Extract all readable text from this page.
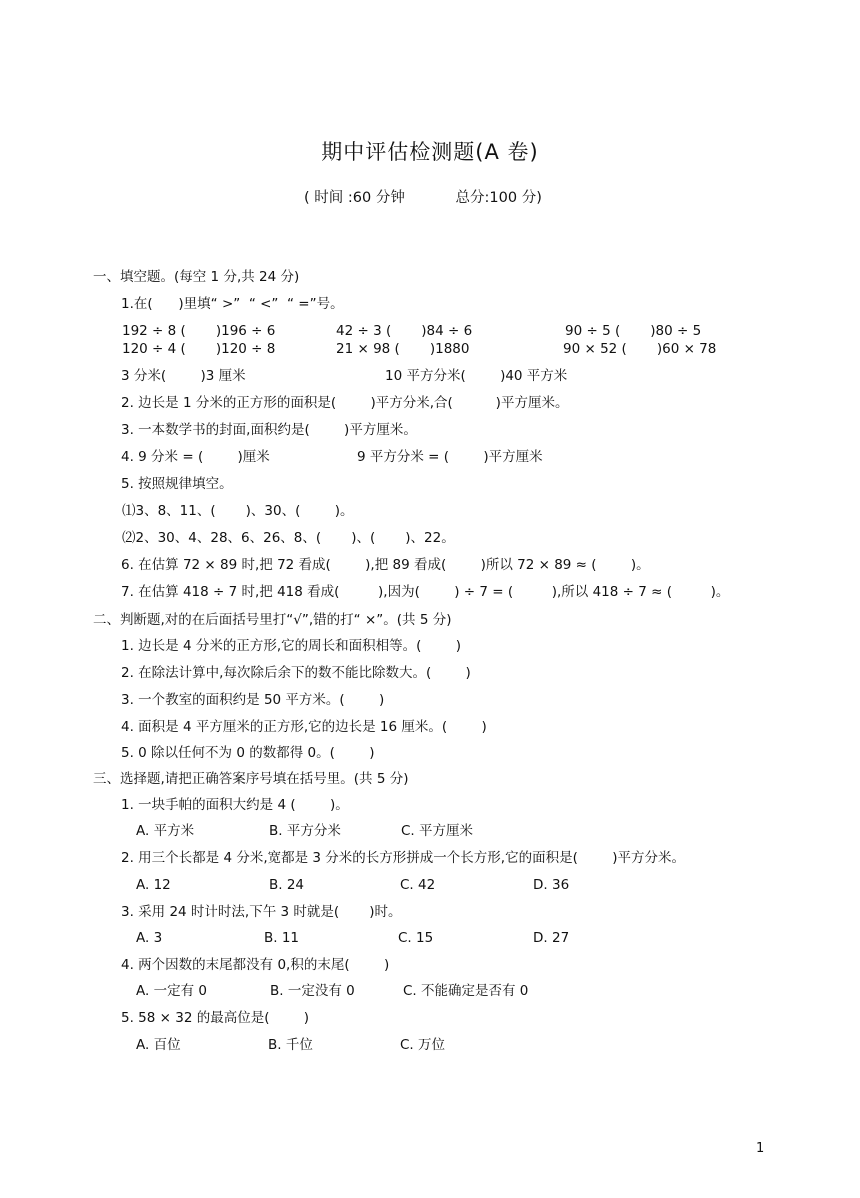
期中评估检测题(A 卷)
( 时间 :60 分钟           总分:100 分)
一、填空题。(每空 1 分,共 24 分)
1.在(      )里填“ >”  “ <”  “ =”号。
192 ÷ 8 (       )196 ÷ 6	42 ÷ 3 (       )84 ÷ 6	90 ÷ 5 (       )80 ÷ 5
120 ÷ 4 (       )120 ÷ 8	21 × 98 (       )1880	90 × 52 (       )60 × 78
3 分米(        )3 厘米	10 平方分米(        )40 平方米
2. 边长是 1 分米的正方形的面积是(        )平方分米,合(          )平方厘米。
3. 一本数学书的封面,面积约是(        )平方厘米。
4. 9 分米 = (        )厘米	9 平方分米 = (        )平方厘米
5. 按照规律填空。
⑴3、8、11、(       )、30、(        )。
⑵2、30、4、28、6、26、8、(       )、(       )、22。
6. 在估算 72 × 89 时,把 72 看成(        ),把 89 看成(        )所以 72 × 89 ≈ (        )。
7. 在估算 418 ÷ 7 时,把 418 看成(         ),因为(        ) ÷ 7 = (         ),所以 418 ÷ 7 ≈ (         )。
二、判断题,对的在后面括号里打“√”,错的打“ ×”。(共 5 分)
1. 边长是 4 分米的正方形,它的周长和面积相等。(        )
2. 在除法计算中,每次除后余下的数不能比除数大。(        )
3. 一个教室的面积约是 50 平方米。(        )
4. 面积是 4 平方厘米的正方形,它的边长是 16 厘米。(        )
5. 0 除以任何不为 0 的数都得 0。(        )
三、选择题,请把正确答案序号填在括号里。(共 5 分)
1. 一块手帕的面积大约是 4 (        )。
A. 平方米	B. 平方分米	C. 平方厘米
2. 用三个长都是 4 分米,宽都是 3 分米的长方形拼成一个长方形,它的面积是(        )平方分米。
A. 12	B. 24	C. 42	D. 36
3. 采用 24 时计时法,下午 3 时就是(       )时。
A. 3	B. 11	C. 15	D. 27
4. 两个因数的末尾都没有 0,积的末尾(        )
A. 一定有 0	B. 一定没有 0	C. 不能确定是否有 0
5. 58 × 32 的最高位是(        )
A. 百位	B. 千位	C. 万位
1
